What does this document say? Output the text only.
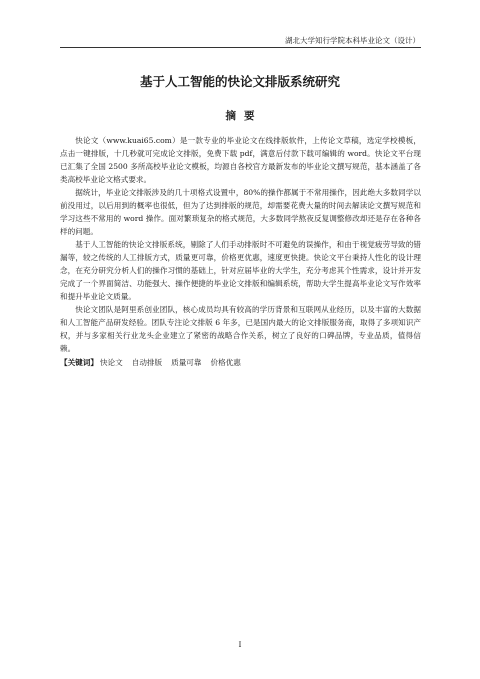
湖北大学知行学院本科毕业论文（设计）
基于人工智能的快论文排版系统研究
摘要

快论文（www.kuai65.com）是一款专业的毕业论文在线排版软件，上传论文草稿，选定学校模板，点击一键排版，十几秒就可完成论文排版，免费下载 pdf，满意后付款下载可编辑的 word。快论文平台现已汇集了全国 2500 多所高校毕业论文模板，均源自各校官方最新发布的毕业论文撰写规范，基本涵盖了各类高校毕业论文格式要求。

据统计，毕业论文排版涉及的几十项格式设置中，80%的操作都属于不常用操作，因此绝大多数同学以前没用过，以后用到的概率也很低，但为了达到排版的规范，却需要花费大量的时间去解读论文撰写规范和学习这些不常用的 word 操作。面对繁琐复杂的格式规范，大多数同学熬夜反复调整修改却还是存在各种各样的问题。

基于人工智能的快论文排版系统，剔除了人们手动排版时不可避免的误操作，和由于视觉疲劳导致的错漏等，较之传统的人工排版方式，质量更可靠，价格更优惠，速度更快捷。快论文平台秉持人性化的设计理念，在充分研究分析人们的操作习惯的基础上，针对应届毕业的大学生，充分考虑其个性需求，设计并开发完成了一个界面简洁、功能强大、操作便捷的毕业论文排版和编辑系统，帮助大学生提高毕业论文写作效率和提升毕业论文质量。

快论文团队是阿里系创业团队，核心成员均具有较高的学历背景和互联网从业经历，以及丰富的大数据和人工智能产品研发经验。团队专注论文排版 6 年多，已是国内最大的论文排版服务商，取得了多项知识产权，并与多家相关行业龙头企业建立了紧密的战略合作关系，树立了良好的口碑品牌，专业品质，值得信赖。

【关键词】 快论文 自动排版 质量可靠 价格优惠
I
